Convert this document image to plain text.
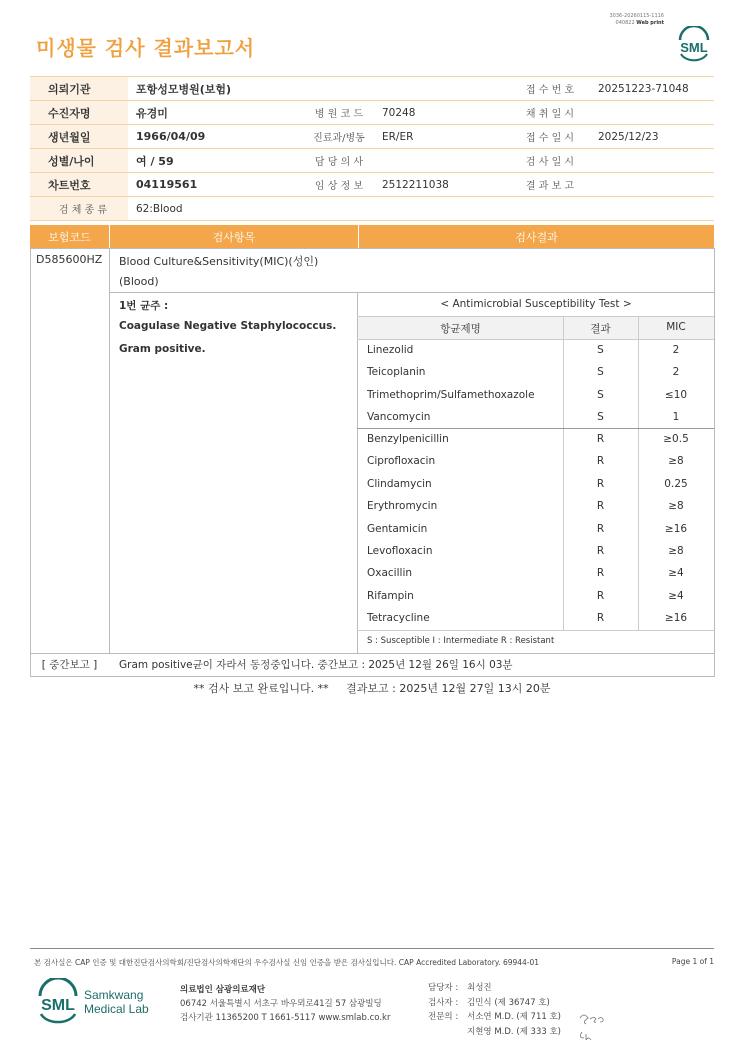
미생물 검사 결과보고서
3036-20260115-1116
040822 Web print
SML
의뢰기관	포항성모병원(보험)			접 수 번 호	20251223-71048
수진자명	유경미	병 원 코 드	70248	채 취 일 시	
생년월일	1966/04/09	진료과/병동	ER/ER	접 수 일 시	2025/12/23
성별/나이	여 / 59	담 당 의 사		검 사 일 시	
차트번호	04119561	임 상 정 보	2512211038	결 과 보 고	
검 체 종 류	62:Blood				
보험코드	검사항목	검사결과
D585600HZ Blood Culture&Sensitivity(MIC)(성인)
(Blood)
1번 균주 :
Coagulase Negative Staphylococcus.
Gram positive.
< Antimicrobial Susceptibility Test >
항균제명	결과	MIC
Linezolid	S	2
Teicoplanin	S	2
Trimethoprim/Sulfamethoxazole	S	≤10
Vancomycin	S	1
Benzylpenicillin	R	≥0.5
Ciprofloxacin	R	≥8
Clindamycin	R	0.25
Erythromycin	R	≥8
Gentamicin	R	≥16
Levofloxacin	R	≥8
Oxacillin	R	≥4
Rifampin	R	≥4
Tetracycline	R	≥16
S : Susceptible I : Intermediate R : Resistant
[ 중간보고 ]	Gram positive균이 자라서 동정중입니다. 중간보고 : 2025년 12월 26일 16시 03분
** 검사 보고 완료입니다. **     결과보고 : 2025년 12월 27일 13시 20분
본 검사실은 CAP 인증 및 대한진단검사의학회/진단검사의학재단의 우수검사실 신임 인증을 받은 검사실입니다. CAP Accredited Laboratory. 69944-01	Page 1 of 1
SML
Samkwang
Medical Lab
의료법인 삼광의료재단
06742 서울특별시 서초구 바우뫼로41길 57 삼광빌딩
검사기관 11365200 T 1661-5117 www.smlab.co.kr
담당자 : 최성진
검사자 : 김민식 (제 36747 호)
전문의 : 서소연 M.D. (제 711 호)
지현영 M.D. (제 333 호)
